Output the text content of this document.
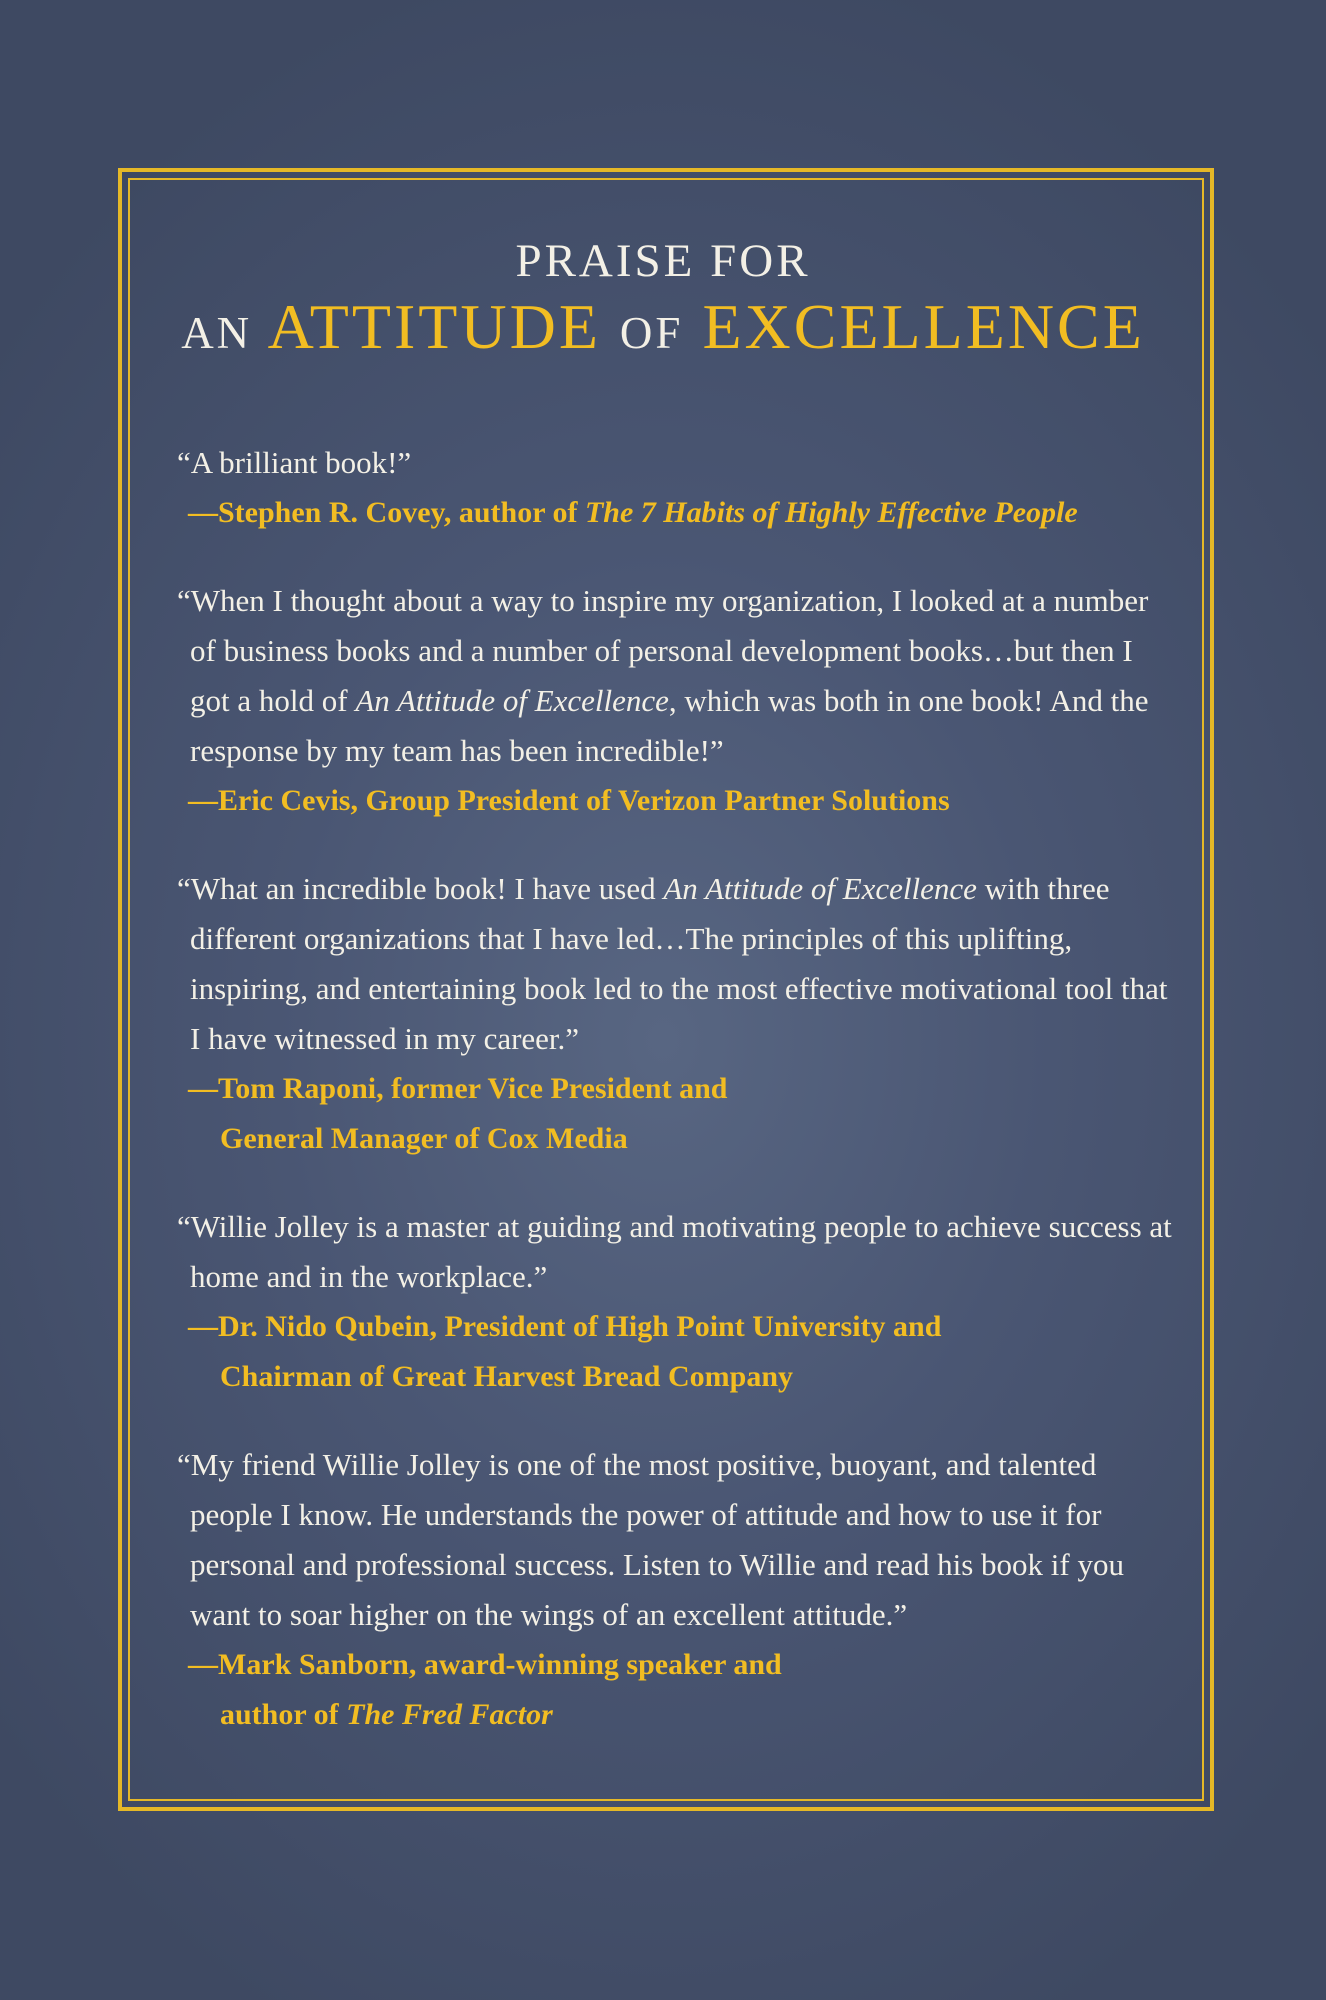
PRAISE FOR
AN ATTITUDE OF EXCELLENCE

“A brilliant book!”

—Stephen R. Covey, author of The 7 Habits of Highly Effective People

“When I thought about a way to inspire my organization, I looked at a number of business books and a number of personal development books…but then I got a hold of An Attitude of Excellence, which was both in one book! And the response by my team has been incredible!”

—Eric Cevis, Group President of Verizon Partner Solutions

“What an incredible book! I have used An Attitude of Excellence with three different organizations that I have led…The principles of this uplifting, inspiring, and entertaining book led to the most effective motivational tool that I have witnessed in my career.”

—Tom Raponi, former Vice President and
General Manager of Cox Media

“Willie Jolley is a master at guiding and motivating people to achieve success at home and in the workplace.”

—Dr. Nido Qubein, President of High Point University and
Chairman of Great Harvest Bread Company

“My friend Willie Jolley is one of the most positive, buoyant, and talented people I know. He understands the power of attitude and how to use it for personal and professional success. Listen to Willie and read his book if you want to soar higher on the wings of an excellent attitude.”

—Mark Sanborn, award-winning speaker and
author of The Fred Factor
